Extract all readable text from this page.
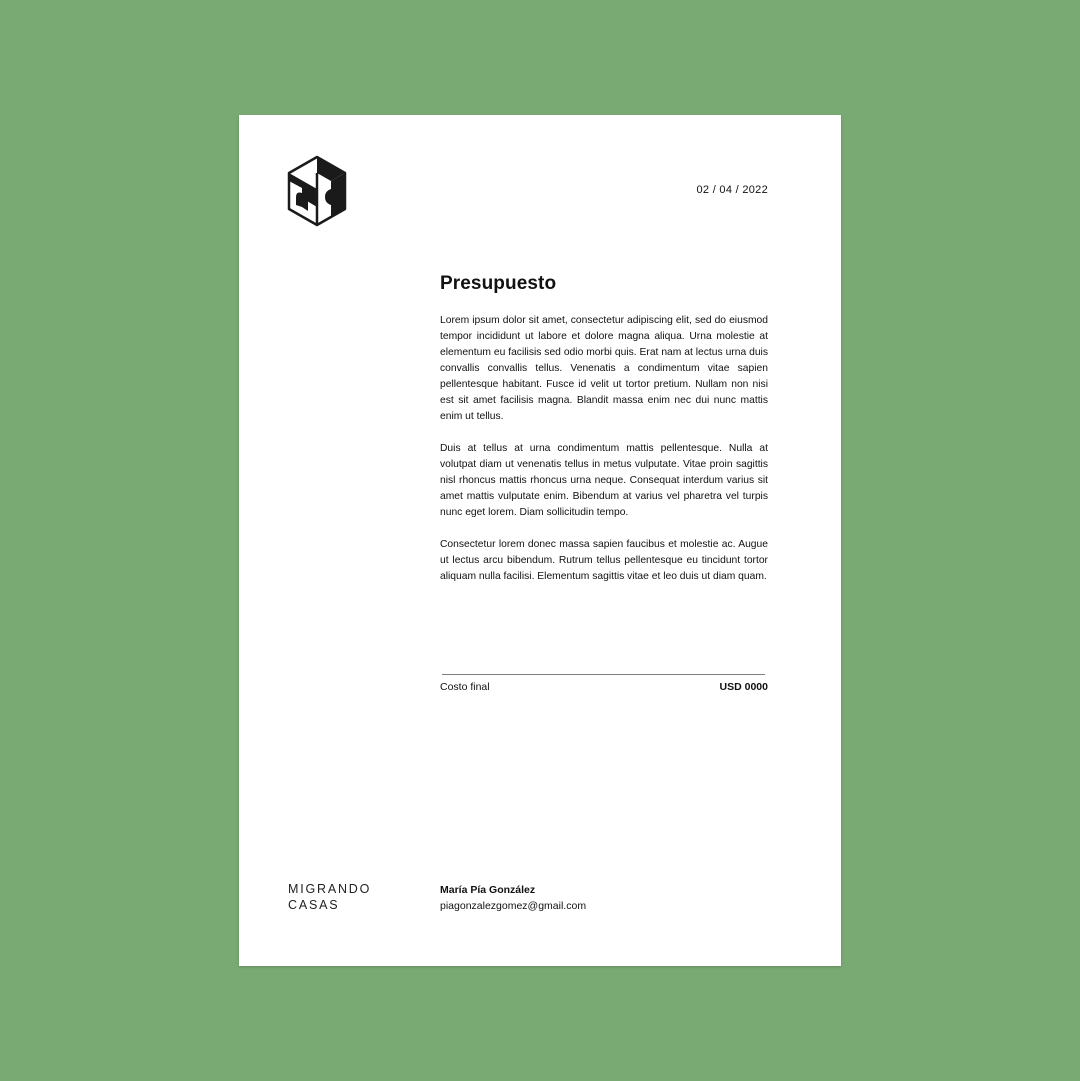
02 / 04 / 2022
Presupuesto

Lorem ipsum dolor sit amet, consectetur adipiscing elit, sed do eiusmod tempor incididunt ut labore et dolore magna aliqua. Urna molestie at elementum eu facilisis sed odio morbi quis. Erat nam at lectus urna duis convallis convallis tellus. Venenatis a condimentum vitae sapien pellentesque habitant. Fusce id velit ut tortor pretium. Nullam non nisi est sit amet facilisis magna. Blandit massa enim nec dui nunc mattis enim ut tellus.

Duis at tellus at urna condimentum mattis pellentesque. Nulla at volutpat diam ut venenatis tellus in metus vulputate. Vitae proin sagittis nisl rhoncus mattis rhoncus urna neque. Consequat interdum varius sit amet mattis vulputate enim. Bibendum at varius vel pharetra vel turpis nunc eget lorem. Diam sollicitudin tempo.

Consectetur lorem donec massa sapien faucibus et molestie ac. Augue ut lectus arcu bibendum. Rutrum tellus pellentesque eu tincidunt tortor aliquam nulla facilisi. Elementum sagittis vitae et leo duis ut diam quam.

Costo final	USD 0000
MIGRANDO
CASAS
María Pía González
piagonzalezgomez@gmail.com
